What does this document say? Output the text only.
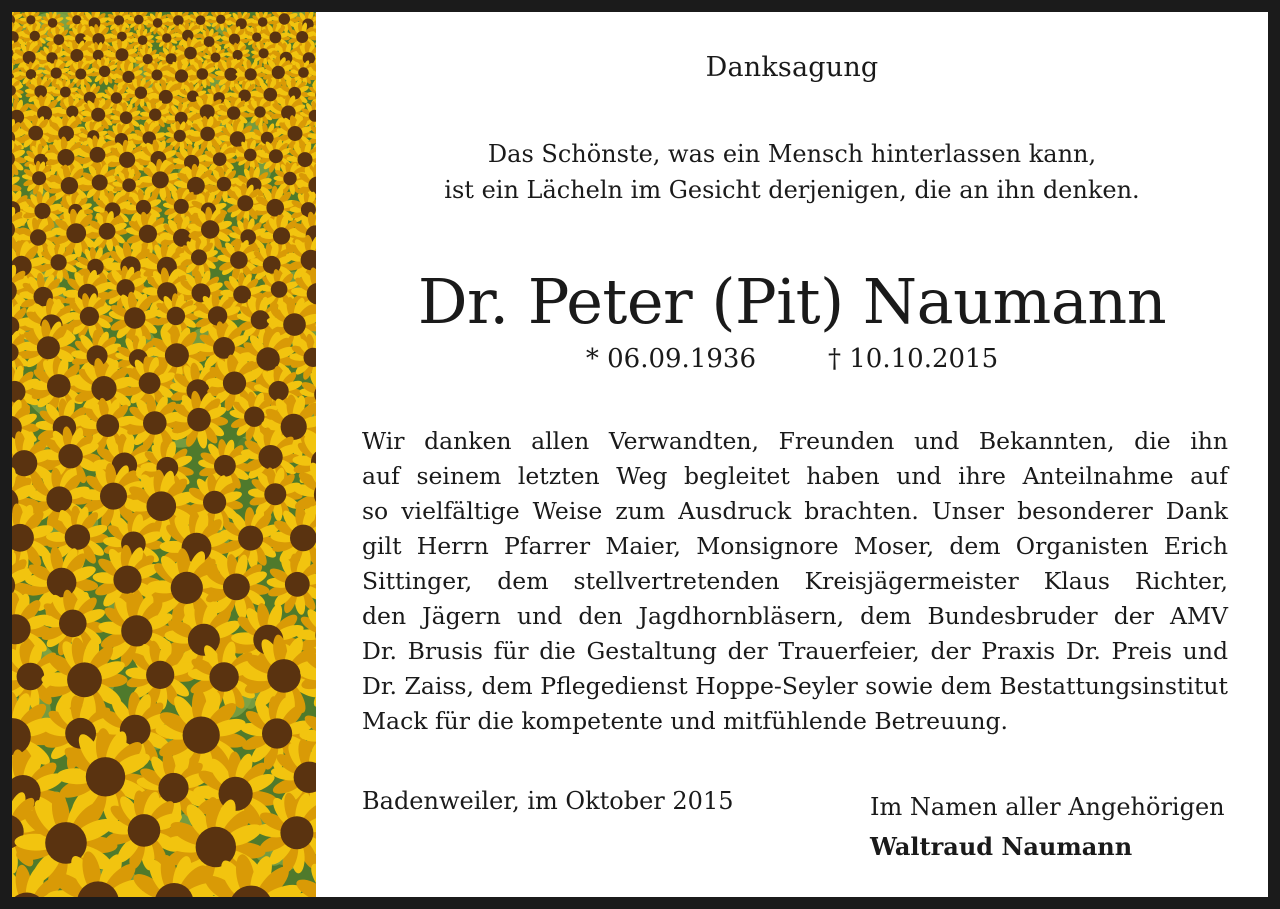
Danksagung
Das Schönste, was ein Mensch hinterlassen kann,
ist ein Lächeln im Gesicht derjenigen, die an ihn denken.
Dr. Peter (Pit) Naumann
* 06.09.1936	† 10.10.2015
Wir danken allen Verwandten, Freunden und Bekannten, die ihn
auf seinem letzten Weg begleitet haben und ihre Anteilnahme auf
so vielfältige Weise zum Ausdruck brachten. Unser besonderer Dank
gilt Herrn Pfarrer Maier, Monsignore Moser, dem Organisten Erich
Sittinger, dem stellvertretenden Kreisjägermeister Klaus Richter,
den Jägern und den Jagdhornbläsern, dem Bundesbruder der AMV
Dr. Brusis für die Gestaltung der Trauerfeier, der Praxis Dr. Preis und
Dr. Zaiss, dem Pflegedienst Hoppe-Seyler sowie dem Bestattungsinstitut
Mack für die kompetente und mitfühlende Betreuung.
Badenweiler, im Oktober 2015	Im Namen aller Angehörigen
Waltraud Naumann
